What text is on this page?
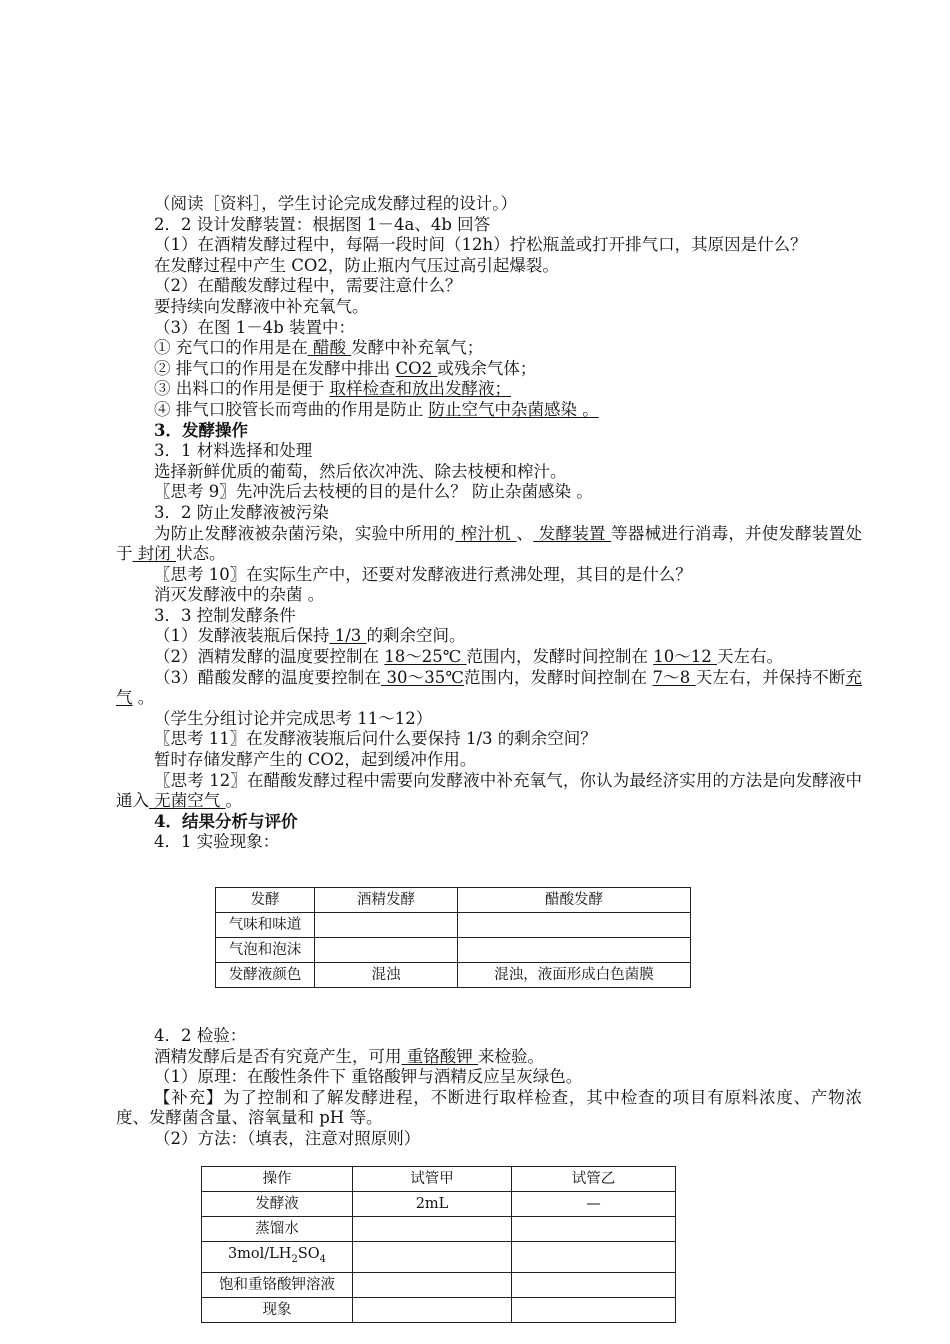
（阅读［资料］，学生讨论完成发酵过程的设计。）
2．2 设计发酵装置：根据图 1－4a、4b 回答
（1）在酒精发酵过程中，每隔一段时间（12h）拧松瓶盖或打开排气口，其原因是什么？
在发酵过程中产生 CO2，防止瓶内气压过高引起爆裂。
（2）在醋酸发酵过程中，需要注意什么？
要持续向发酵液中补充氧气。
（3）在图 1－4b 装置中：
① 充气口的作用是在 醋酸 发酵中补充氧气；
② 排气口的作用是在发酵中排出 CO2 或残余气体；
③ 出料口的作用是便于 取样检查和放出发酵液；
④ 排气口胶管长而弯曲的作用是防止 防止空气中杂菌感染 。
3．发酵操作
3．1 材料选择和处理
选择新鲜优质的葡萄，然后依次冲洗、除去枝梗和榨汁。
〖思考 9〗先冲洗后去枝梗的目的是什么？ 防止杂菌感染 。
3．2 防止发酵液被污染
为防止发酵液被杂菌污染，实验中所用的 榨汁机 、 发酵装置 等器械进行消毒，并使发酵装置处于 封闭 状态。
〖思考 10〗在实际生产中，还要对发酵液进行煮沸处理，其目的是什么？
消灭发酵液中的杂菌 。
3．3 控制发酵条件
（1）发酵液装瓶后保持 1/3 的剩余空间。
（2）酒精发酵的温度要控制在 18～25℃ 范围内，发酵时间控制在 10～12 天左右。
（3）醋酸发酵的温度要控制在 30～35℃范围内，发酵时间控制在 7～8 天左右，并保持不断充气 。
（学生分组讨论并完成思考 11～12）
〖思考 11〗在发酵液装瓶后问什么要保持 1/3 的剩余空间？
暂时存储发酵产生的 CO2，起到缓冲作用。
〖思考 12〗在醋酸发酵过程中需要向发酵液中补充氧气，你认为最经济实用的方法是向发酵液中通入 无菌空气 。
4．结果分析与评价
4．1 实验现象：
发酵	酒精发酵	醋酸发酵
气味和味道		
气泡和泡沫		
发酵液颜色	混浊	混浊，液面形成白色菌膜
4．2 检验：
酒精发酵后是否有究竟产生，可用 重铬酸钾 来检验。
（1）原理：在酸性条件下 重铬酸钾与酒精反应呈灰绿色。
【补充】为了控制和了解发酵进程，不断进行取样检查，其中检查的项目有原料浓度、产物浓度、发酵菌含量、溶氧量和 pH 等。
（2）方法：（填表，注意对照原则）
操作	试管甲	试管乙
发酵液	2mL	—
蒸馏水		
$3mol/LH_2SO_4$		
饱和重铬酸钾溶液		
现象		
